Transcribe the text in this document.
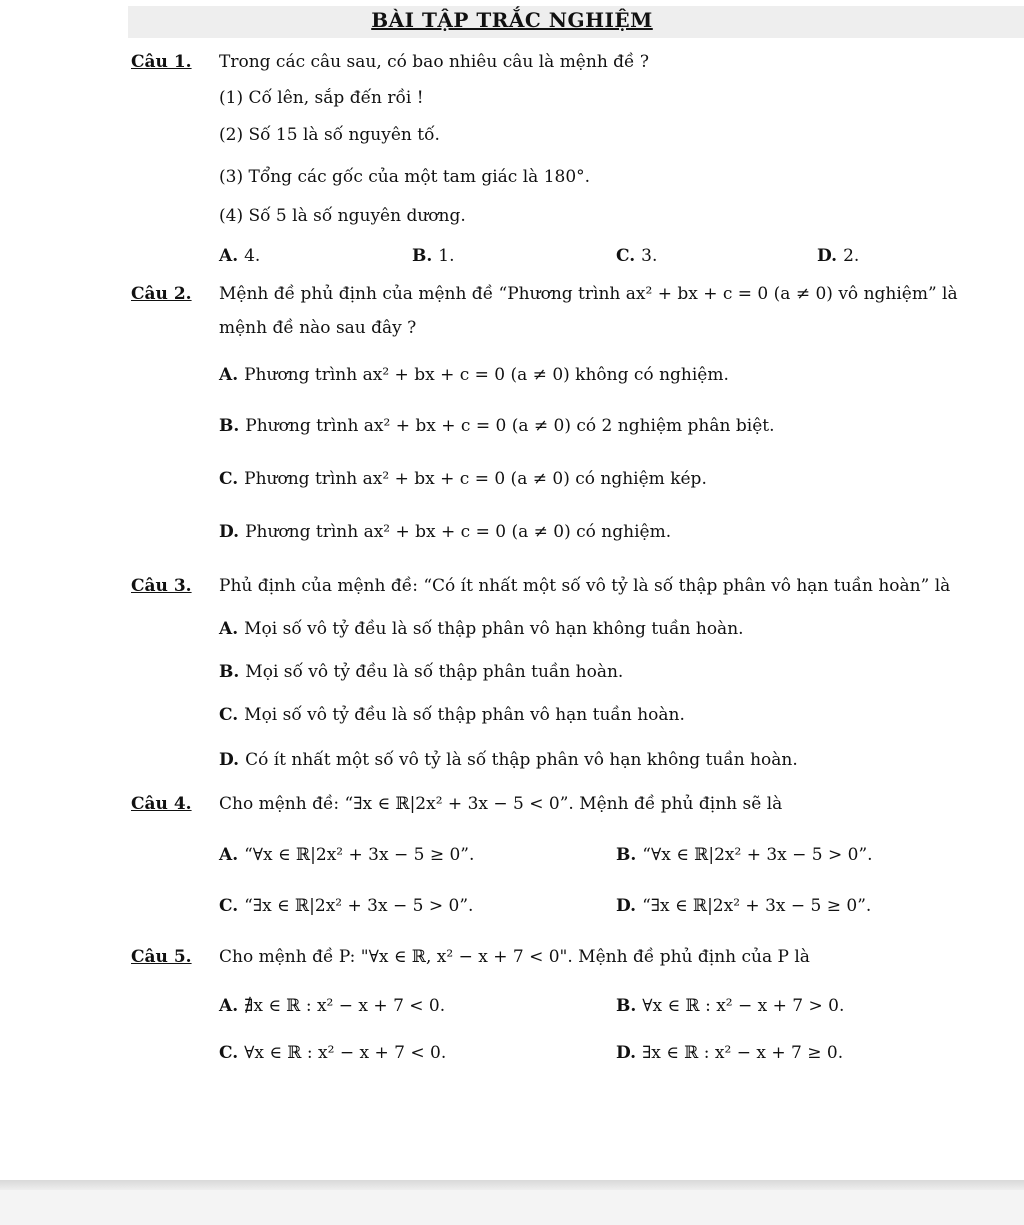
BÀI TẬP TRẮC NGHIỆM
Câu 1. Trong các câu sau, có bao nhiêu câu là mệnh đề ?
(1) Cố lên, sắp đến rồi !
(2) Số 15 là số nguyên tố.
(3) Tổng các gốc của một tam giác là 180°.
(4) Số 5 là số nguyên dương.
A. 4.	B. 1.	C. 3.	D. 2.
Câu 2. Mệnh đề phủ định của mệnh đề “Phương trình ax² + bx + c = 0 (a ≠ 0) vô nghiệm” là
mệnh đề nào sau đây ?
A. Phương trình ax² + bx + c = 0 (a ≠ 0) không có nghiệm.
B. Phương trình ax² + bx + c = 0 (a ≠ 0) có 2 nghiệm phân biệt.
C. Phương trình ax² + bx + c = 0 (a ≠ 0) có nghiệm kép.
D. Phương trình ax² + bx + c = 0 (a ≠ 0) có nghiệm.
Câu 3. Phủ định của mệnh đề: “Có ít nhất một số vô tỷ là số thập phân vô hạn tuần hoàn” là
A. Mọi số vô tỷ đều là số thập phân vô hạn không tuần hoàn.
B. Mọi số vô tỷ đều là số thập phân tuần hoàn.
C. Mọi số vô tỷ đều là số thập phân vô hạn tuần hoàn.
D. Có ít nhất một số vô tỷ là số thập phân vô hạn không tuần hoàn.
Câu 4. Cho mệnh đề: “∃x ∈ ℝ|2x² + 3x − 5 < 0”. Mệnh đề phủ định sẽ là
A. “∀x ∈ ℝ|2x² + 3x − 5 ≥ 0”.	B. “∀x ∈ ℝ|2x² + 3x − 5 > 0”.
C. “∃x ∈ ℝ|2x² + 3x − 5 > 0”.	D. “∃x ∈ ℝ|2x² + 3x − 5 ≥ 0”.
Câu 5. Cho mệnh đề P: "∀x ∈ ℝ, x² − x + 7 < 0". Mệnh đề phủ định của P là
A. ∄x ∈ ℝ : x² − x + 7 < 0.	B. ∀x ∈ ℝ : x² − x + 7 > 0.
C. ∀x ∈ ℝ : x² − x + 7 < 0.	D. ∃x ∈ ℝ : x² − x + 7 ≥ 0.
